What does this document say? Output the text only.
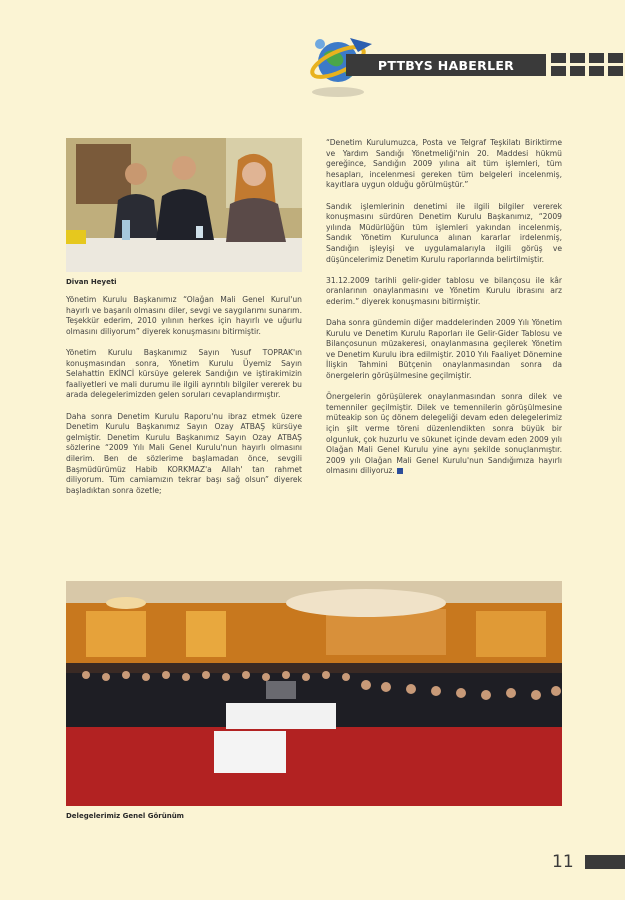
PTTBYS HABERLER
Divan Heyeti

Yönetim Kurulu Başkanımız “Olağan Mali Genel Kurul'un hayırlı ve başarılı olmasını diler, sevgi ve saygılarımı sunarım. Teşekkür ederim, 2010 yılının herkes için hayırlı ve uğurlu olmasını diliyorum” diyerek konuşmasını bitirmiştir.

Yönetim Kurulu Başkanımız Sayın Yusuf TOPRAK'ın konuşmasından sonra, Yönetim Kurulu Üyemiz Sayın Selahattin EKİNCİ kürsüye gelerek Sandığın ve iştirakimizin faaliyetleri ve mali durumu ile ilgili ayrıntılı bilgiler vererek bu arada delegelerimizden gelen soruları cevaplandırmıştır.

Daha sonra Denetim Kurulu Raporu'nu ibraz etmek üzere Denetim Kurulu Başkanımız Sayın Ozay ATBAŞ kürsüye gelmiştir. Denetim Kurulu Başkanımız Sayın Ozay ATBAŞ sözlerine “2009 Yılı Mali Genel Kurulu'nun hayırlı olmasını dilerim. Ben de sözlerime başlamadan önce, sevgili Başmüdürümüz Habib KORKMAZ'a Allah' tan rahmet diliyorum. Tüm camiamızın tekrar başı sağ olsun” diyerek başladıktan sonra özetle;

“Denetim Kurulumuzca, Posta ve Telgraf Teşkilatı Biriktirme ve Yardım Sandığı Yönetmeliği'nin 20. Maddesi hükmü gereğince, Sandığın 2009 yılına ait tüm işlemleri, tüm hesapları, incelenmesi gereken tüm belgeleri incelenmiş, kayıtlara uygun olduğu görülmüştür.”

Sandık işlemlerinin denetimi ile ilgili bilgiler vererek konuşmasını sürdüren Denetim Kurulu Başkanımız, “2009 yılında Müdürlüğün tüm işlemleri yakından incelenmiş, Sandık Yönetim Kurulunca alınan kararlar irdelenmiş, Sandığın işleyişi ve uygulamalarıyla ilgili görüş ve düşüncelerimiz Denetim Kurulu raporlarında belirtilmiştir.

31.12.2009 tarihli gelir-gider tablosu ve bilançosu ile kâr oranlarının onaylanmasını ve Yönetim Kurulu ibrasını arz ederim.” diyerek konuşmasını bitirmiştir.

Daha sonra gündemin diğer maddelerinden 2009 Yılı Yönetim Kurulu ve Denetim Kurulu Raporları ile Gelir-Gider Tablosu ve Bilançosunun müzakeresi, onaylanmasına geçilerek Yönetim ve Denetim Kurulu ibra edilmiştir. 2010 Yılı Faaliyet Dönemine İlişkin Tahmini Bütçenin onaylanmasından sonra da önergelerin görüşülmesine geçilmiştir.

Önergelerin görüşülerek onaylanmasından sonra dilek ve temenniler geçilmiştir. Dilek ve temennilerin görüşülmesine müteakip son üç dönem delegeliği devam eden delegelerimiz için şilt verme töreni düzenlendikten sonra büyük bir olgunluk, çok huzurlu ve sükunet içinde devam eden 2009 yılı Olağan Mali Genel Kurulu yine aynı şekilde sonuçlanmıştır. 2009 yılı Olağan Mali Genel Kurulu'nun Sandığımıza hayırlı olmasını diliyoruz.

Delegelerimiz Genel Görünüm
11
